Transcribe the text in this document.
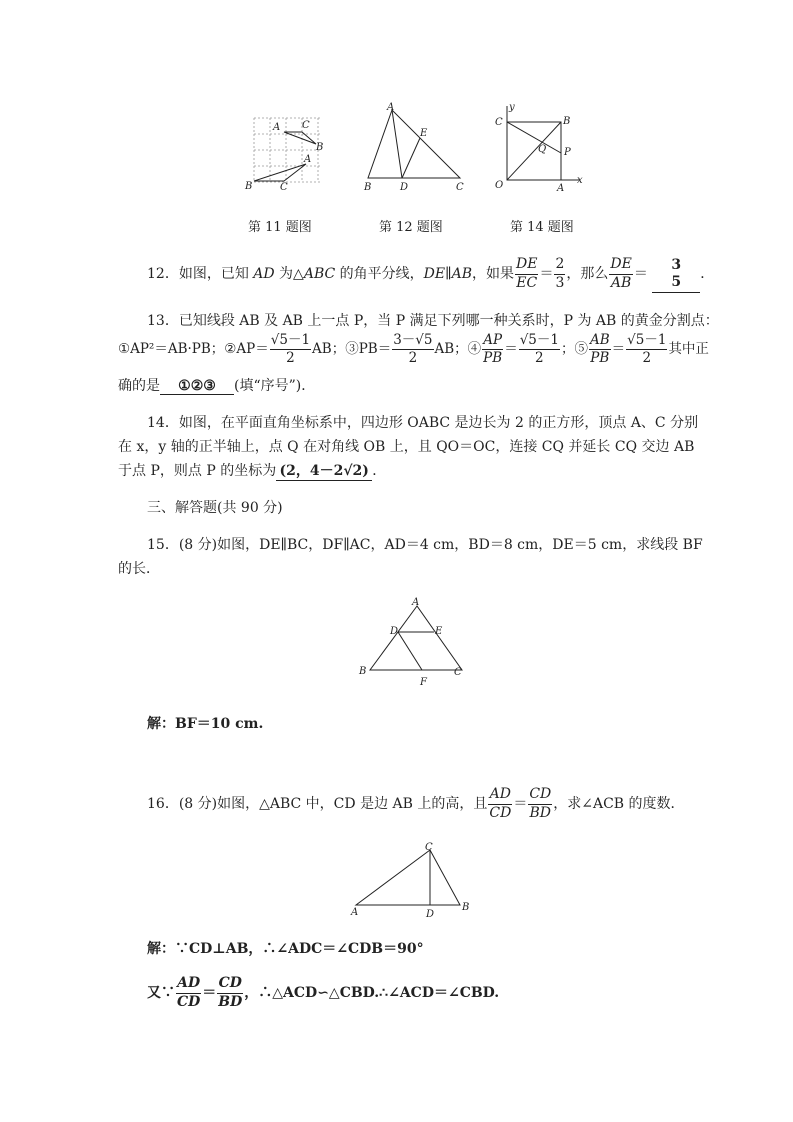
A C
B
A
B	C
A
E
B	D	C
y
C	B
Q P
O	A
x
第 11 题图	第 12 题图	第 14 题图
12．如图，已知 AD 为△ABC 的角平分线，DE∥AB，如果 $\frac{DE}{EC} = \frac{2}{3}$ ，那么 $\frac{DE}{AB}$ ＝
3
5 ．
13．已知线段 AB 及 AB 上一点 P，当 P 满足下列哪一种关系时，P 为 AB 的黄金分割点：
①AP²＝AB·PB；②AP＝ $\frac{√5-1}{2}$ AB；③PB＝ $\frac{3-√5}{2}$ AB；④ $\frac{AP}{PB} = \frac{√5-1}{2}$ ；⑤ $\frac{AB}{PB} = \frac{√5-1}{2}$ 其中正
确的是 ①②③ (填“序号”)．
14．如图，在平面直角坐标系中，四边形 OABC 是边长为 2 的正方形，顶点 A、C 分别
在 x，y 轴的正半轴上，点 Q 在对角线 OB 上，且 QO＝OC，连接 CQ 并延长 CQ 交边 AB
于点 P，则点 P 的坐标为 (2，4－2√2) ．
三、解答题(共 90 分)
15．(8 分)如图，DE∥BC，DF∥AC，AD＝4 cm，BD＝8 cm，DE＝5 cm，求线段 BF
的长．
A
D	E
B
F
C
解：BF＝10 cm.
16．(8 分)如图，△ABC 中，CD 是边 AB 上的高，且 $\frac{AD}{CD} = \frac{CD}{BD}$ ，求∠ACB 的度数．
C
A	D
B
解：∵CD⊥AB，∴∠ADC＝∠CDB＝90°
又∵ $\frac{AD}{CD} = \frac{CD}{BD}$ ，∴△ACD∽△CBD.∴∠ACD＝∠CBD.
